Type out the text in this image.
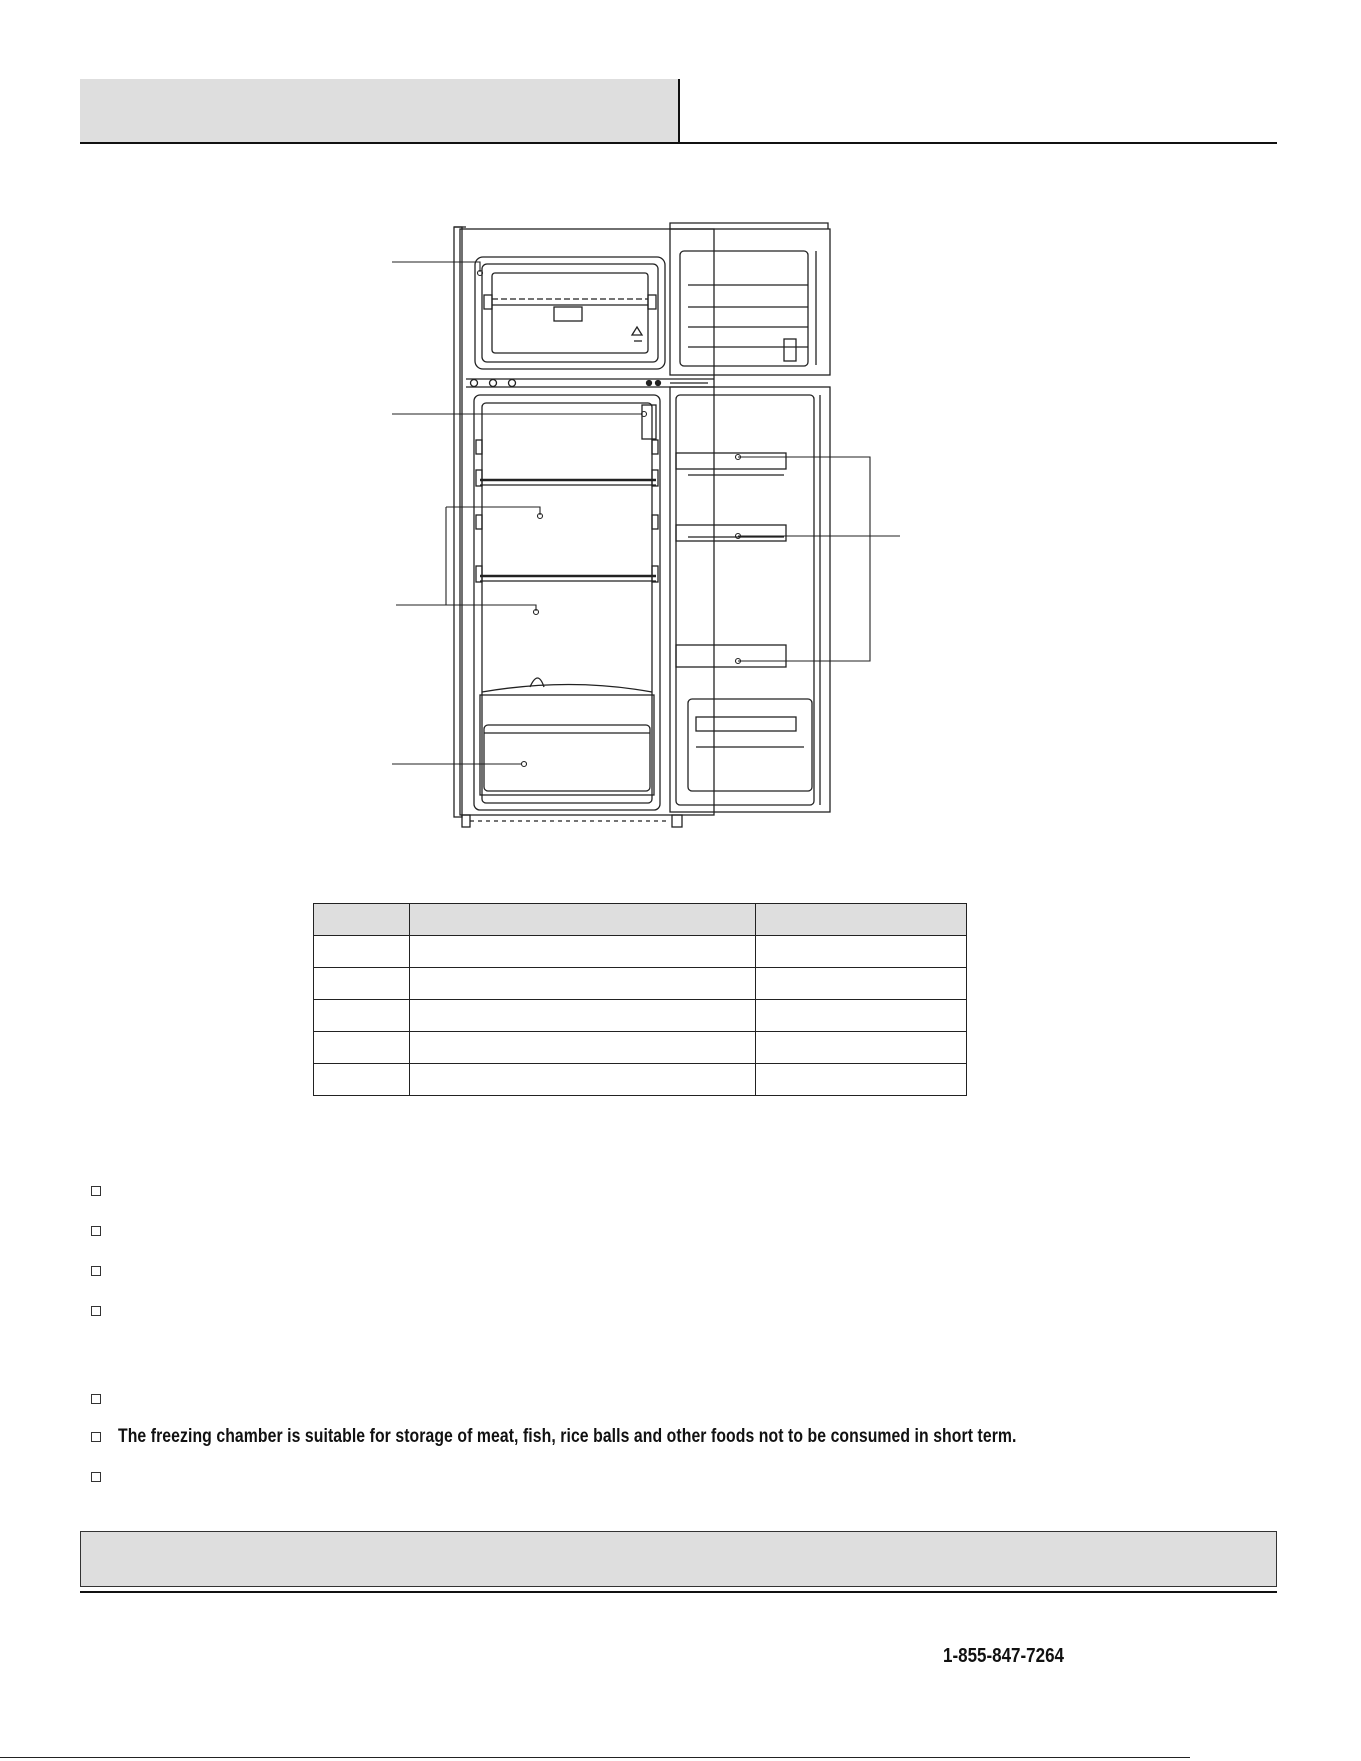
The freezing chamber is suitable for storage of meat, fish, rice balls and other foods not to be consumed in short term.
1-855-847-7264
